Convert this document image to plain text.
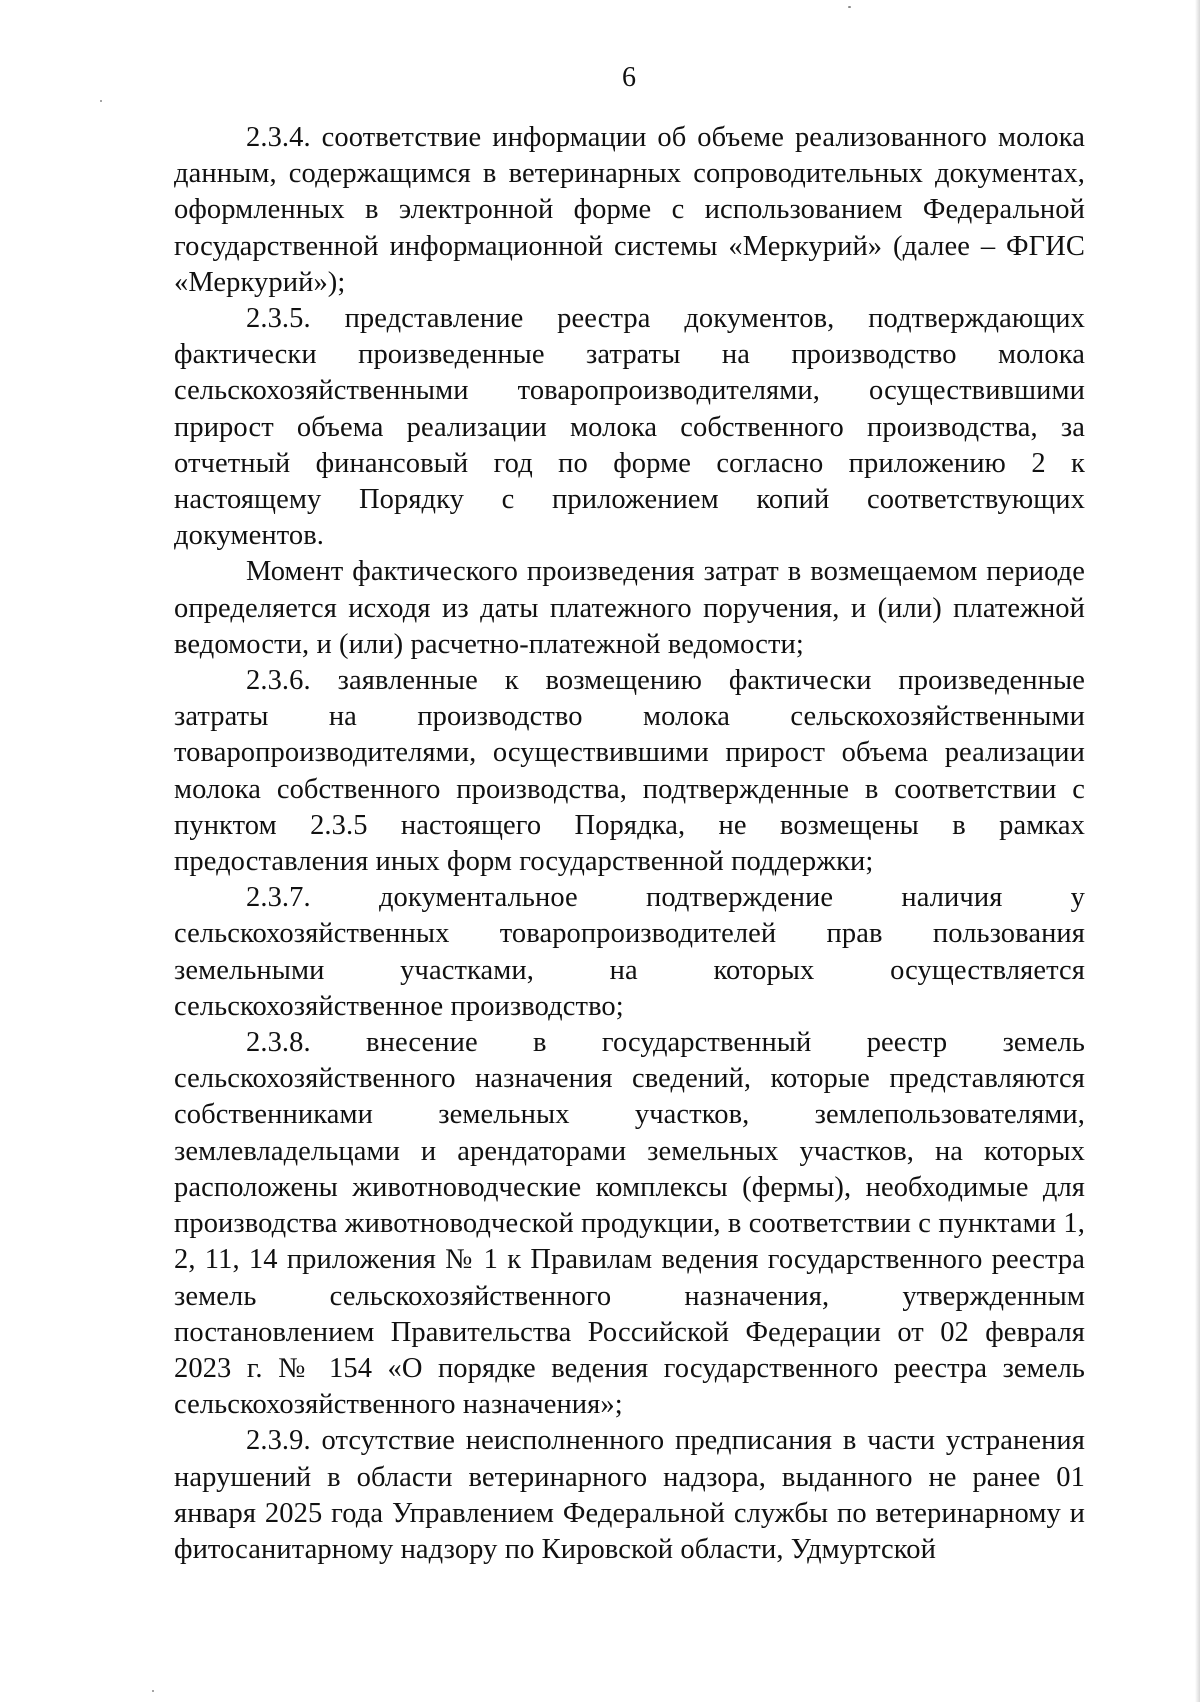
6

2.3.4. соответствие информации об объеме реализованного молока данным, содержащимся в ветеринарных сопроводительных документах, оформленных в электронной форме с использованием Федеральной государственной информационной системы «Меркурий» (далее – ФГИС «Меркурий»);

2.3.5. представление реестра документов, подтверждающих фактически произведенные затраты на производство молока сельскохозяйственными товаропроизводителями, осуществившими прирост объема реализации молока собственного производства, за отчетный финансовый год по форме согласно приложению 2 к настоящему Порядку с приложением копий соответствующих документов.

Момент фактического произведения затрат в возмещаемом периоде определяется исходя из даты платежного поручения, и (или) платежной ведомости, и (или) расчетно-платежной ведомости;

2.3.6. заявленные к возмещению фактически произведенные затраты на производство молока сельскохозяйственными товаропроизводителями, осуществившими прирост объема реализации молока собственного производства, подтвержденные в соответствии с пунктом 2.3.5 настоящего Порядка, не возмещены в рамках предоставления иных форм государственной поддержки;

2.3.7. документальное подтверждение наличия у сельскохозяйственных товаропроизводителей прав пользования земельными участками, на которых осуществляется сельскохозяйственное производство;

2.3.8. внесение в государственный реестр земель сельскохозяйственного назначения сведений, которые представляются собственниками земельных участков, землепользователями, землевладельцами и арендаторами земельных участков, на которых расположены животноводческие комплексы (фермы), необходимые для производства животноводческой продукции, в соответствии с пунктами 1, 2, 11, 14 приложения № 1 к Правилам ведения государственного реестра земель сельскохозяйственного назначения, утвержденным постановлением Правительства Российской Федерации от 02 февраля 2023 г. № 154 «О порядке ведения государственного реестра земель сельскохозяйственного назначения»;

2.3.9. отсутствие неисполненного предписания в части устранения нарушений в области ветеринарного надзора, выданного не ранее 01 января 2025 года Управлением Федеральной службы по ветеринарному и фитосанитарному надзору по Кировской области, Удмуртской
